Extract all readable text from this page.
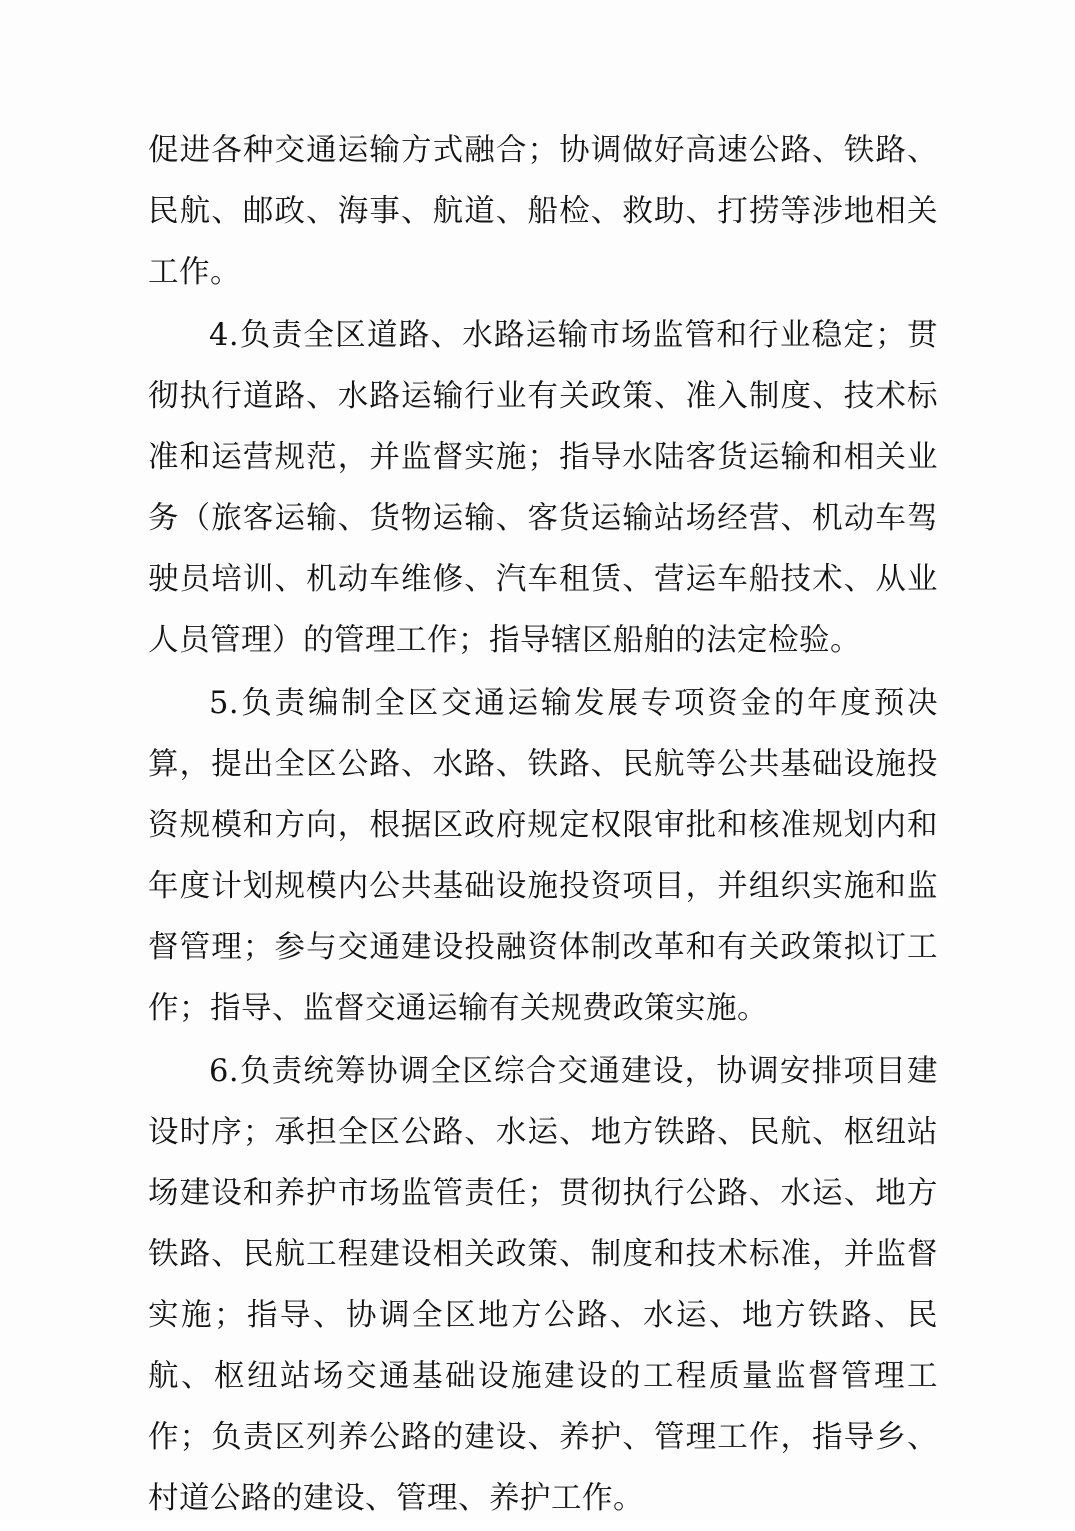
促进各种交通运输方式融合；协调做好高速公路、铁路、民航、邮政、海事、航道、船检、救助、打捞等涉地相关工作。

4.负责全区道路、水路运输市场监管和行业稳定；贯彻执行道路、水路运输行业有关政策、准入制度、技术标准和运营规范，并监督实施；指导水陆客货运输和相关业务（旅客运输、货物运输、客货运输站场经营、机动车驾驶员培训、机动车维修、汽车租赁、营运车船技术、从业人员管理）的管理工作；指导辖区船舶的法定检验。

5.负责编制全区交通运输发展专项资金的年度预决算，提出全区公路、水路、铁路、民航等公共基础设施投资规模和方向，根据区政府规定权限审批和核准规划内和年度计划规模内公共基础设施投资项目，并组织实施和监督管理；参与交通建设投融资体制改革和有关政策拟订工作；指导、监督交通运输有关规费政策实施。

6.负责统筹协调全区综合交通建设，协调安排项目建设时序；承担全区公路、水运、地方铁路、民航、枢纽站场建设和养护市场监管责任；贯彻执行公路、水运、地方铁路、民航工程建设相关政策、制度和技术标准，并监督实施；指导、协调全区地方公路、水运、地方铁路、民航、枢纽站场交通基础设施建设的工程质量监督管理工作；负责区列养公路的建设、养护、管理工作，指导乡、村道公路的建设、管理、养护工作。
